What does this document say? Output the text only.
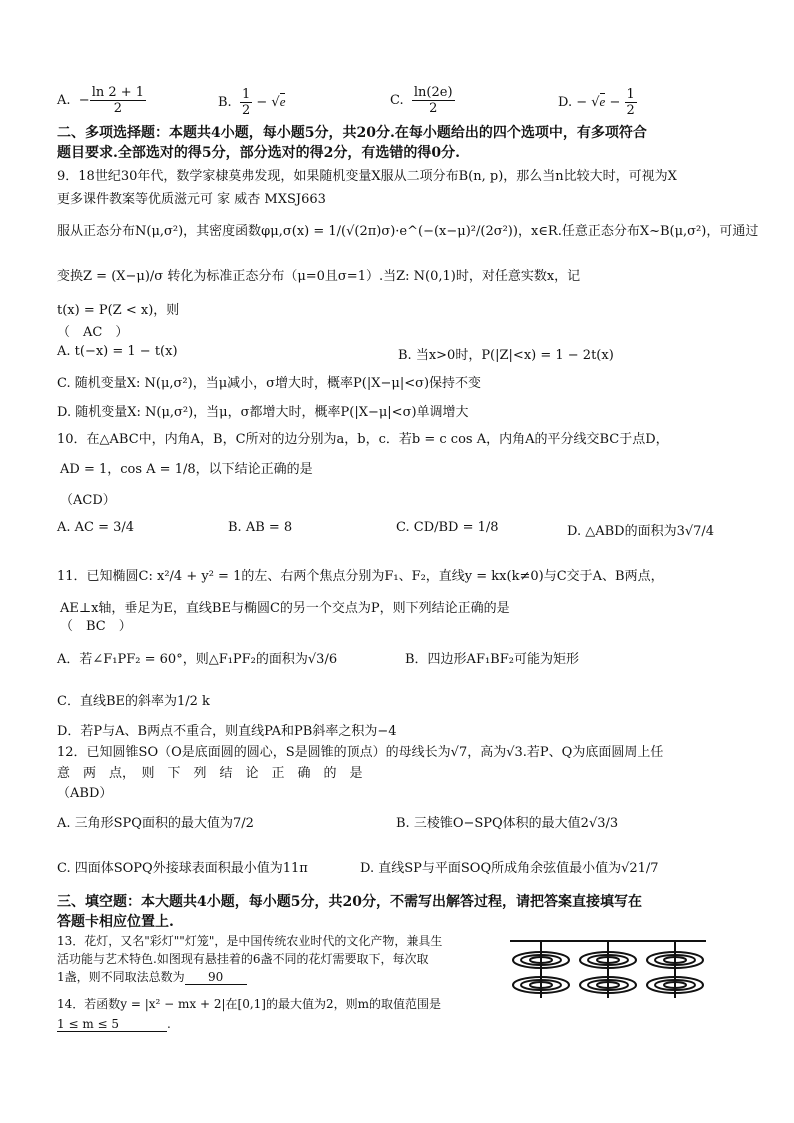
A.  − $\frac{\ln 2 + 1}{2}$	B. $\frac{1}{2} - √e$	C. $\frac{\ln(2e)}{2}$	D. − $√e - \frac{1}{2}$
二、多项选择题：本题共4小题，每小题5分，共20分.在每小题给出的四个选项中，有多项符合
题目要求.全部选对的得5分，部分选对的得2分，有选错的得0分.
9．18世纪30年代，数学家棣莫弗发现，如果随机变量X服从二项分布B(n, p)，那么当n比较大时，可视为X
更多课件教案等优质滋元可 家 威杏 MXSJ663
服从正态分布N(μ,σ²)，其密度函数φμ,σ(x) = 1/(√(2π)σ)·e^(−(x−μ)²/(2σ²))，x∈R.任意正态分布X~B(μ,σ²)，可通过
变换Z = (X−μ)/σ 转化为标准正态分布（μ=0且σ=1）.当Z: N(0,1)时，对任意实数x，记
t(x) = P(Z < x)，则
（　AC　）
A. t(−x) = 1 − t(x)	B. 当x>0时，P(|Z|<x) = 1 − 2t(x)
C. 随机变量X: N(μ,σ²)，当μ减小，σ增大时，概率P(|X−μ|<σ)保持不变
D. 随机变量X: N(μ,σ²)，当μ，σ都增大时，概率P(|X−μ|<σ)单调增大
10．在△ABC中，内角A，B，C所对的边分别为a，b，c．若b = c cos A，内角A的平分线交BC于点D，
AD = 1，cos A = 1/8，以下结论正确的是
（ACD）
A. AC = 3/4	B. AB = 8	C. CD/BD = 1/8	D. △ABD的面积为3√7/4
11．已知椭圆C: x²/4 + y² = 1的左、右两个焦点分别为F₁、F₂，直线y = kx(k≠0)与C交于A、B两点，
AE⊥x轴，垂足为E，直线BE与椭圆C的另一个交点为P，则下列结论正确的是
（　BC　）
A．若∠F₁PF₂ = 60°，则△F₁PF₂的面积为√3/6	B．四边形AF₁BF₂可能为矩形
C．直线BE的斜率为1/2 k
D．若P与A、B两点不重合，则直线PA和PB斜率之积为−4
12．已知圆锥SO（O是底面圆的圆心，S是圆锥的顶点）的母线长为√7，高为√3.若P、Q为底面圆周上任
意　两　点，　则　下　列　结　论　正　确　的　是
（ABD）
A. 三角形SPQ面积的最大值为7/2	B. 三棱锥O−SPQ体积的最大值2√3/3
C. 四面体SOPQ外接球表面积最小值为11π	D. 直线SP与平面SOQ所成角余弦值最小值为√21/7
三、填空题：本大题共4小题，每小题5分，共20分，不需写出解答过程，请把答案直接填写在
答题卡相应位置上.
13．花灯，又名"彩灯""灯笼"，是中国传统农业时代的文化产物，兼具生
活功能与艺术特色.如图现有悬挂着的6盏不同的花灯需要取下，每次取
1盏，则不同取法总数为 90
14．若函数y = |x² − mx + 2|在[0,1]的最大值为2，则m的取值范围是
1 ≤ m ≤ 5	.
